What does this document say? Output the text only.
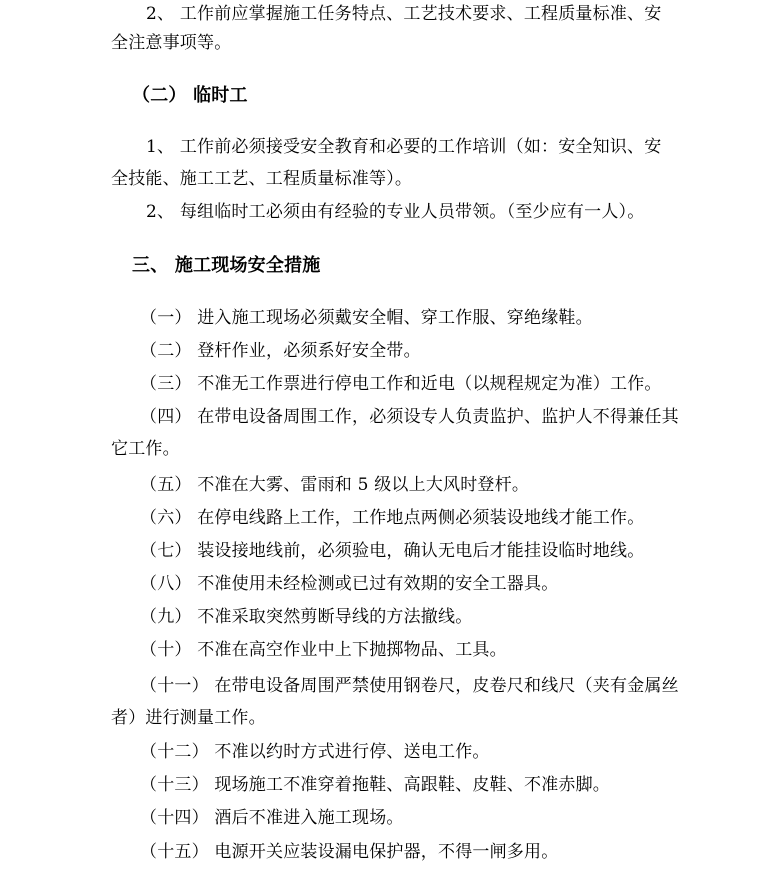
2、 工作前应掌握施工任务特点、工艺技术要求、工程质量标准、安
全注意事项等。
（二） 临时工
1、 工作前必须接受安全教育和必要的工作培训（如：安全知识、安
全技能、施工工艺、工程质量标准等）。
2、 每组临时工必须由有经验的专业人员带领。（至少应有一人）。
三、 施工现场安全措施
（一） 进入施工现场必须戴安全帽、穿工作服、穿绝缘鞋。
（二） 登杆作业，必须系好安全带。
（三） 不准无工作票进行停电工作和近电（以规程规定为准）工作。
（四） 在带电设备周围工作，必须设专人负责监护、监护人不得兼任其
它工作。
（五） 不准在大雾、雷雨和 5 级以上大风时登杆。
（六） 在停电线路上工作，工作地点两侧必须装设地线才能工作。
（七） 装设接地线前，必须验电，确认无电后才能挂设临时地线。
（八） 不准使用未经检测或已过有效期的安全工器具。
（九） 不准采取突然剪断导线的方法撤线。
（十） 不准在高空作业中上下抛掷物品、工具。
（十一） 在带电设备周围严禁使用钢卷尺，皮卷尺和线尺（夹有金属丝
者）进行测量工作。
（十二） 不准以约时方式进行停、送电工作。
（十三） 现场施工不准穿着拖鞋、高跟鞋、皮鞋、不准赤脚。
（十四） 酒后不准进入施工现场。
（十五） 电源开关应装设漏电保护器，不得一闸多用。
